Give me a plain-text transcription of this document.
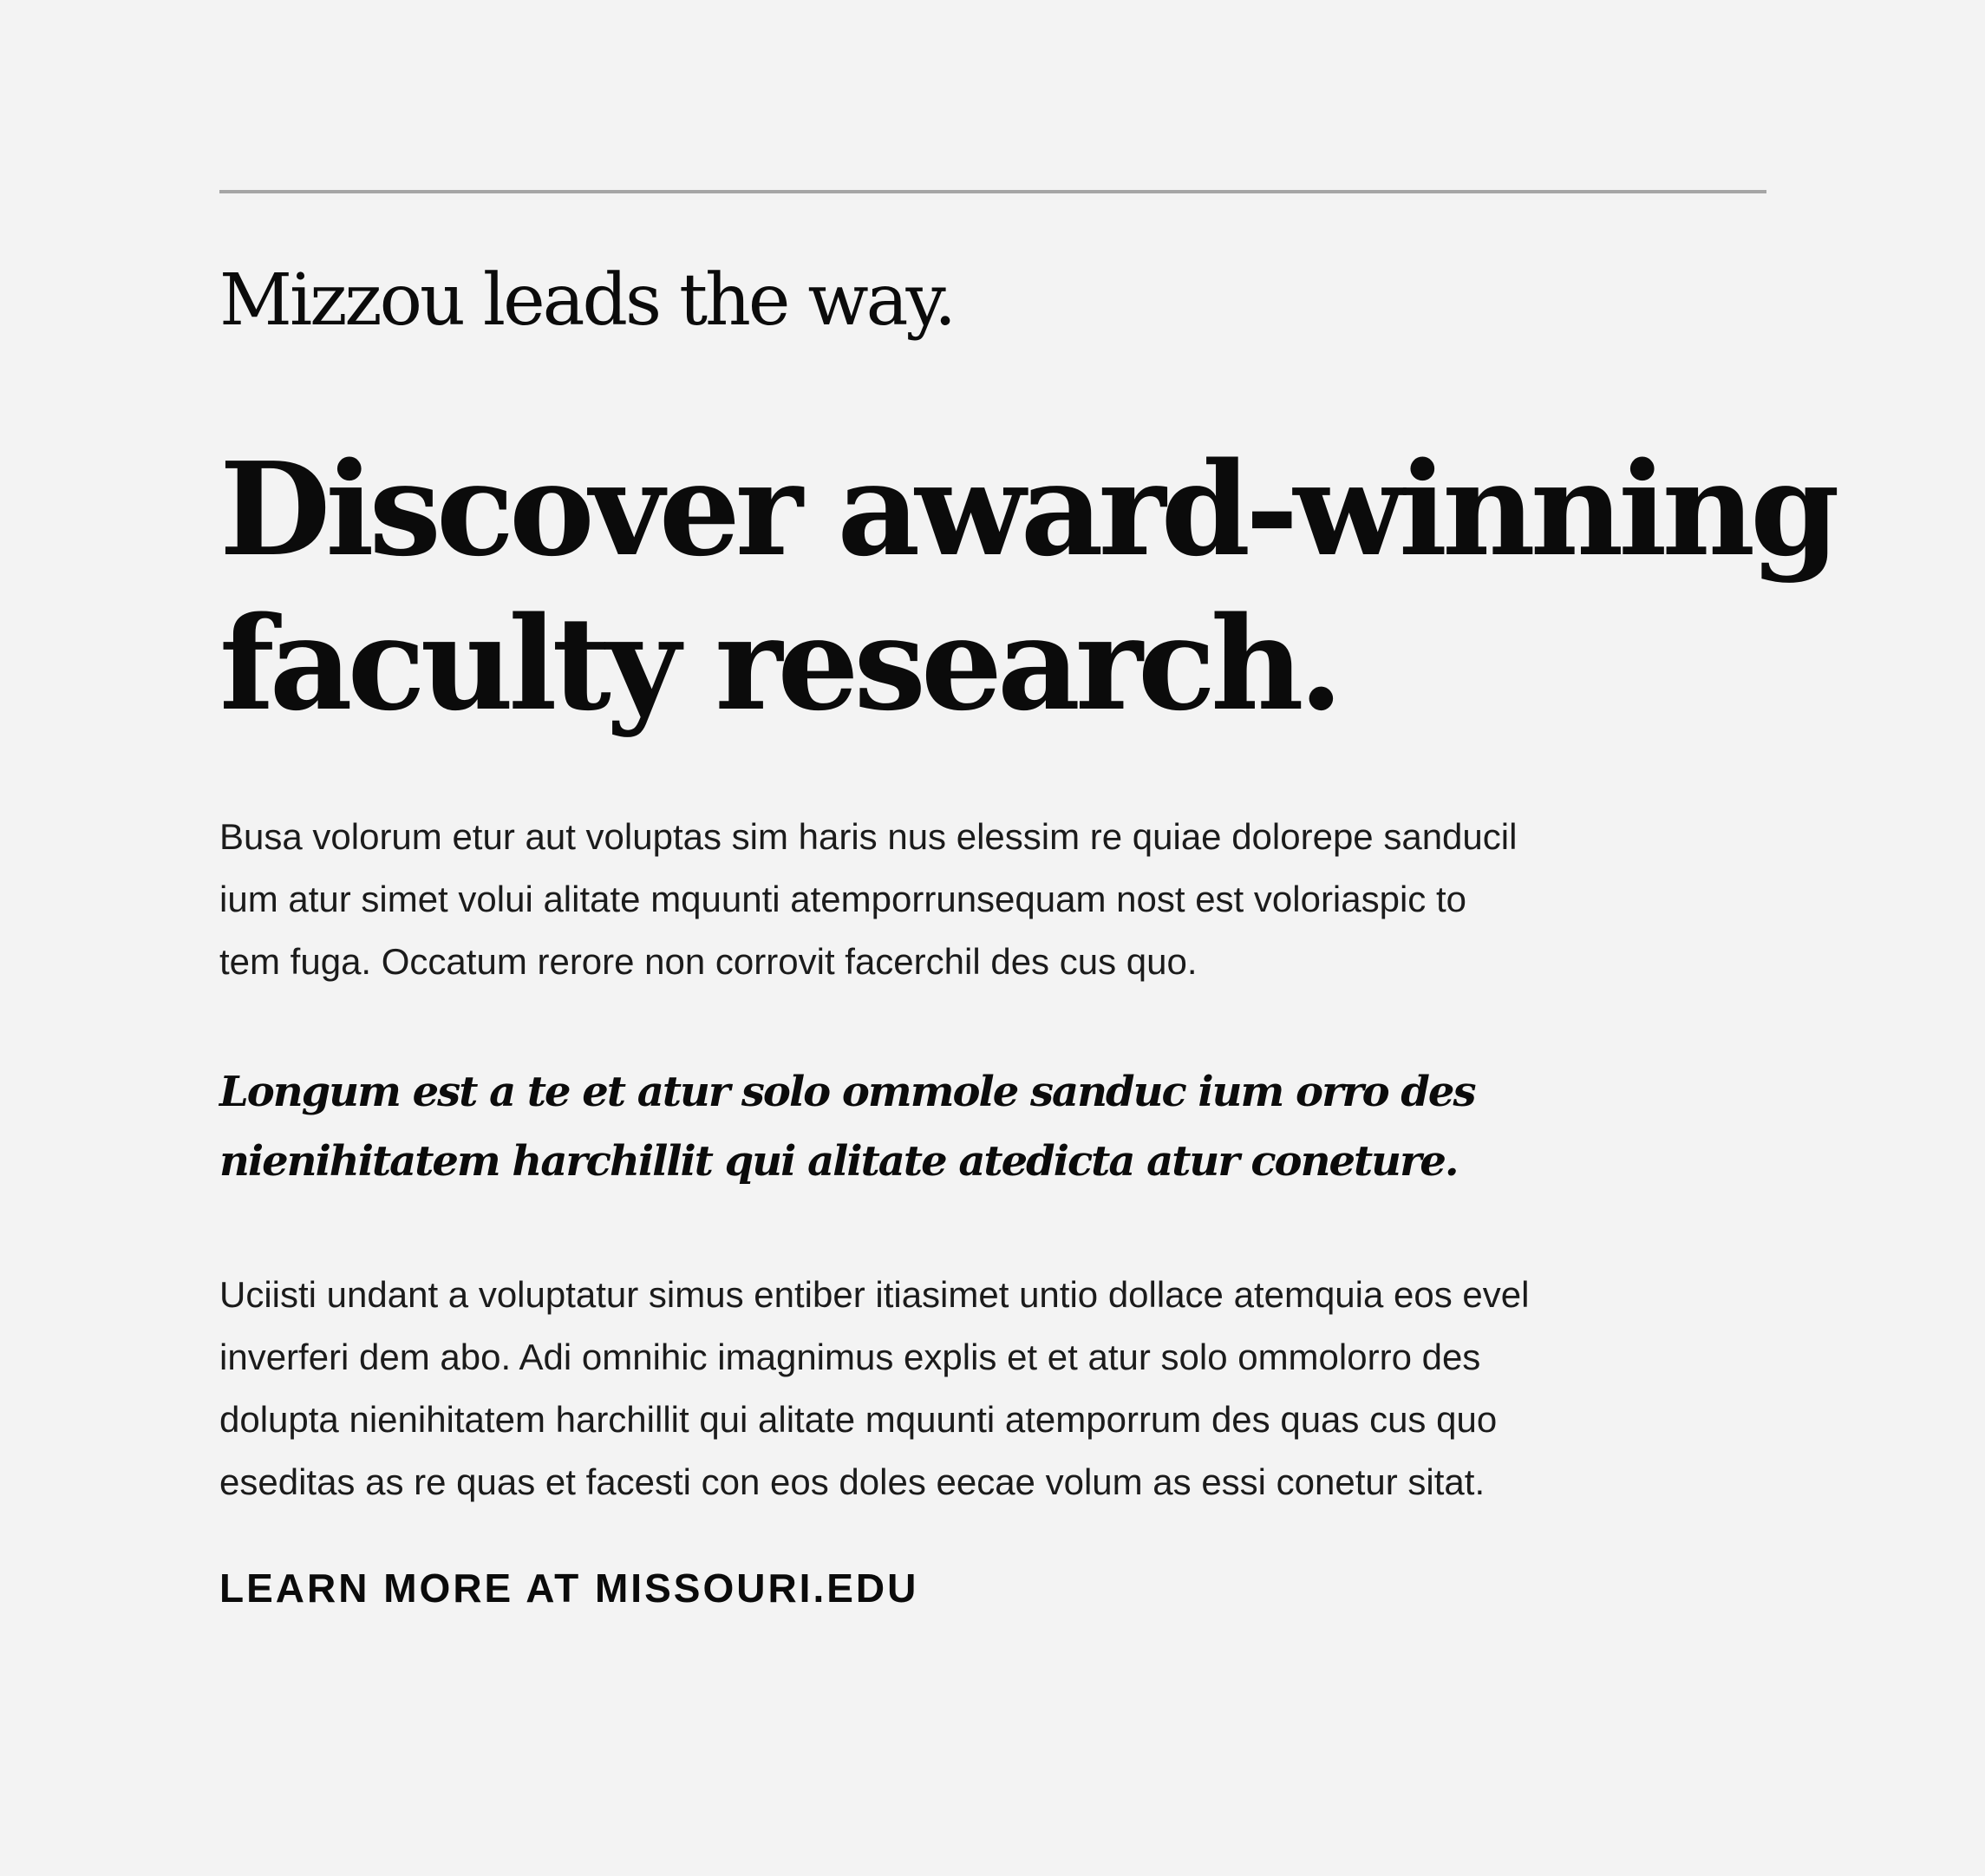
Mizzou leads the way.
Discover award-winning
faculty research.

Busa volorum etur aut voluptas sim haris nus elessim re quiae dolorepe sanducil
ium atur simet volui alitate mquunti atemporrunsequam nost est voloriaspic to
tem fuga. Occatum rerore non corrovit facerchil des cus quo.

Longum est a te et atur solo ommole sanduc ium orro des
nienihitatem harchillit qui alitate atedicta atur coneture.

Uciisti undant a voluptatur simus entiber itiasimet untio dollace atemquia eos evel
inverferi dem abo. Adi omnihic imagnimus explis et et atur solo ommolorro des
dolupta nienihitatem harchillit qui alitate mquunti atemporrum des quas cus quo
eseditas as re quas et facesti con eos doles eecae volum as essi conetur sitat.

LEARN MORE AT MISSOURI.EDU
